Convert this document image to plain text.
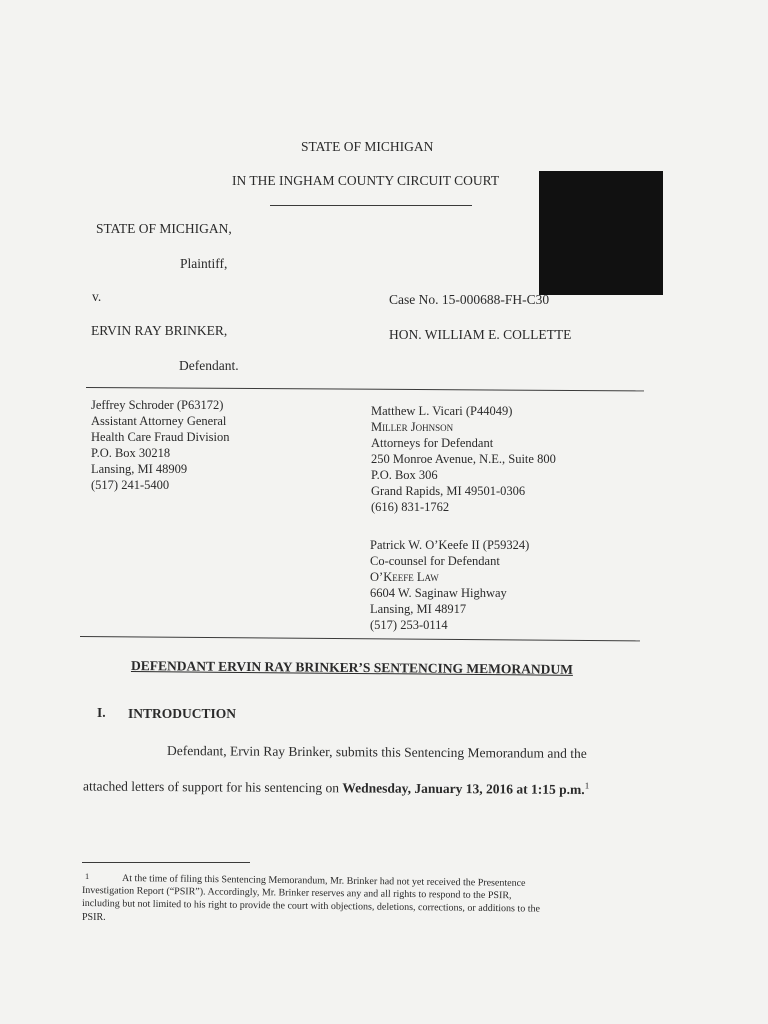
STATE OF MICHIGAN
IN THE INGHAM COUNTY CIRCUIT COURT
STATE OF MICHIGAN,
Plaintiff,
v.	Case No. 15-000688-FH-C30
ERVIN RAY BRINKER,	HON. WILLIAM E. COLLETTE
Defendant.
Jeffrey Schroder (P63172)
Assistant Attorney General
Health Care Fraud Division
P.O. Box 30218
Lansing, MI 48909
(517) 241-5400
Matthew L. Vicari (P44049)
Miller Johnson
Attorneys for Defendant
250 Monroe Avenue, N.E., Suite 800
P.O. Box 306
Grand Rapids, MI 49501-0306
(616) 831-1762
Patrick W. O’Keefe II (P59324)
Co-counsel for Defendant
O’Keefe Law
6604 W. Saginaw Highway
Lansing, MI 48917
(517) 253-0114
DEFENDANT ERVIN RAY BRINKER’S SENTENCING MEMORANDUM
I. INTRODUCTION
Defendant, Ervin Ray Brinker, submits this Sentencing Memorandum and the
attached letters of support for his sentencing on Wednesday, January 13, 2016 at 1:15 p.m.$^1$
$^1$	At the time of filing this Sentencing Memorandum, Mr. Brinker had not yet received the Presentence
Investigation Report (“PSIR”). Accordingly, Mr. Brinker reserves any and all rights to respond to the PSIR,
including but not limited to his right to provide the court with objections, deletions, corrections, or additions to the
PSIR.
